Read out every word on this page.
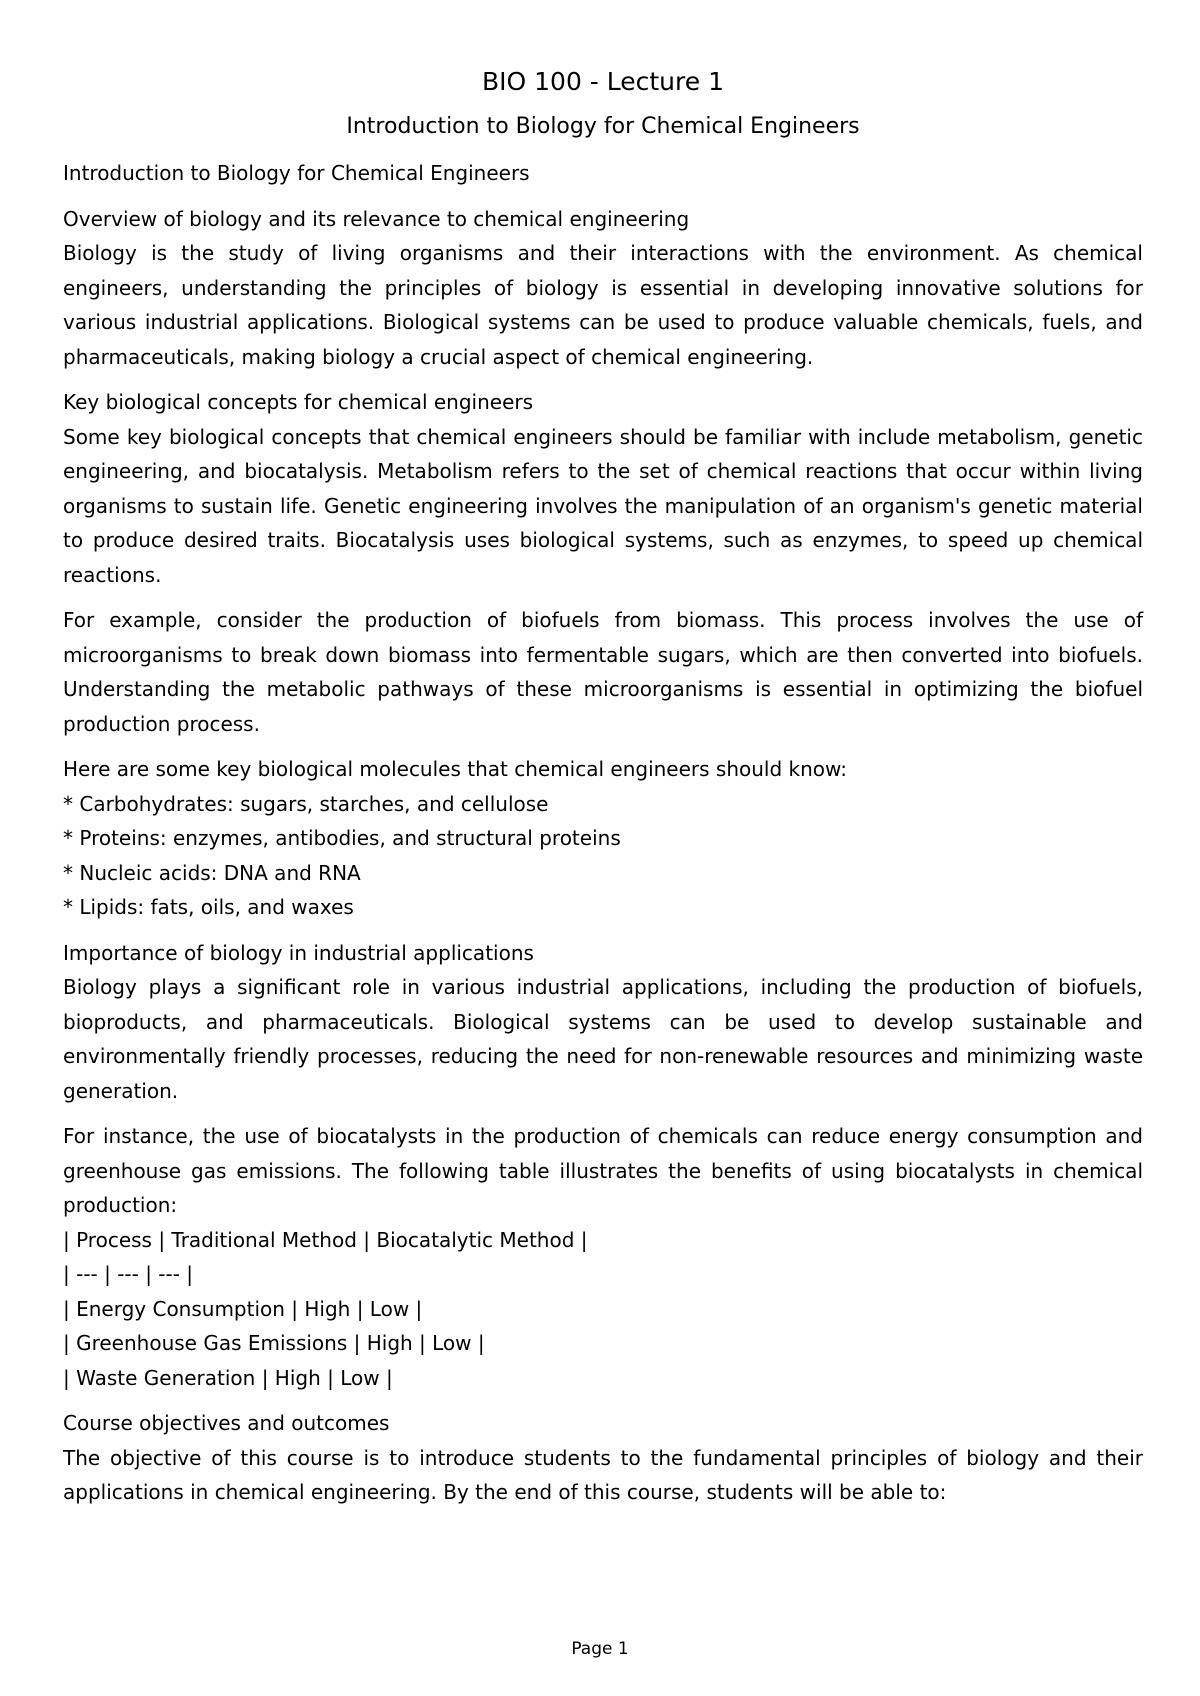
BIO 100 - Lecture 1
Introduction to Biology for Chemical Engineers
Introduction to Biology for Chemical Engineers
Overview of biology and its relevance to chemical engineering
Biology is the study of living organisms and their interactions with the environment. As chemical engineers, understanding the principles of biology is essential in developing innovative solutions for various industrial applications. Biological systems can be used to produce valuable chemicals, fuels, and pharmaceuticals, making biology a crucial aspect of chemical engineering.
Key biological concepts for chemical engineers
Some key biological concepts that chemical engineers should be familiar with include metabolism, genetic engineering, and biocatalysis. Metabolism refers to the set of chemical reactions that occur within living organisms to sustain life. Genetic engineering involves the manipulation of an organism's genetic material to produce desired traits. Biocatalysis uses biological systems, such as enzymes, to speed up chemical reactions.
For example, consider the production of biofuels from biomass. This process involves the use of microorganisms to break down biomass into fermentable sugars, which are then converted into biofuels. Understanding the metabolic pathways of these microorganisms is essential in optimizing the biofuel production process.
Here are some key biological molecules that chemical engineers should know:
* Carbohydrates: sugars, starches, and cellulose
* Proteins: enzymes, antibodies, and structural proteins
* Nucleic acids: DNA and RNA
* Lipids: fats, oils, and waxes
Importance of biology in industrial applications
Biology plays a significant role in various industrial applications, including the production of biofuels, bioproducts, and pharmaceuticals. Biological systems can be used to develop sustainable and environmentally friendly processes, reducing the need for non-renewable resources and minimizing waste generation.
For instance, the use of biocatalysts in the production of chemicals can reduce energy consumption and greenhouse gas emissions. The following table illustrates the benefits of using biocatalysts in chemical production:
| Process | Traditional Method | Biocatalytic Method |
| --- | --- | --- |
| Energy Consumption | High | Low |
| Greenhouse Gas Emissions | High | Low |
| Waste Generation | High | Low |
Course objectives and outcomes
The objective of this course is to introduce students to the fundamental principles of biology and their applications in chemical engineering. By the end of this course, students will be able to:
Page 1
